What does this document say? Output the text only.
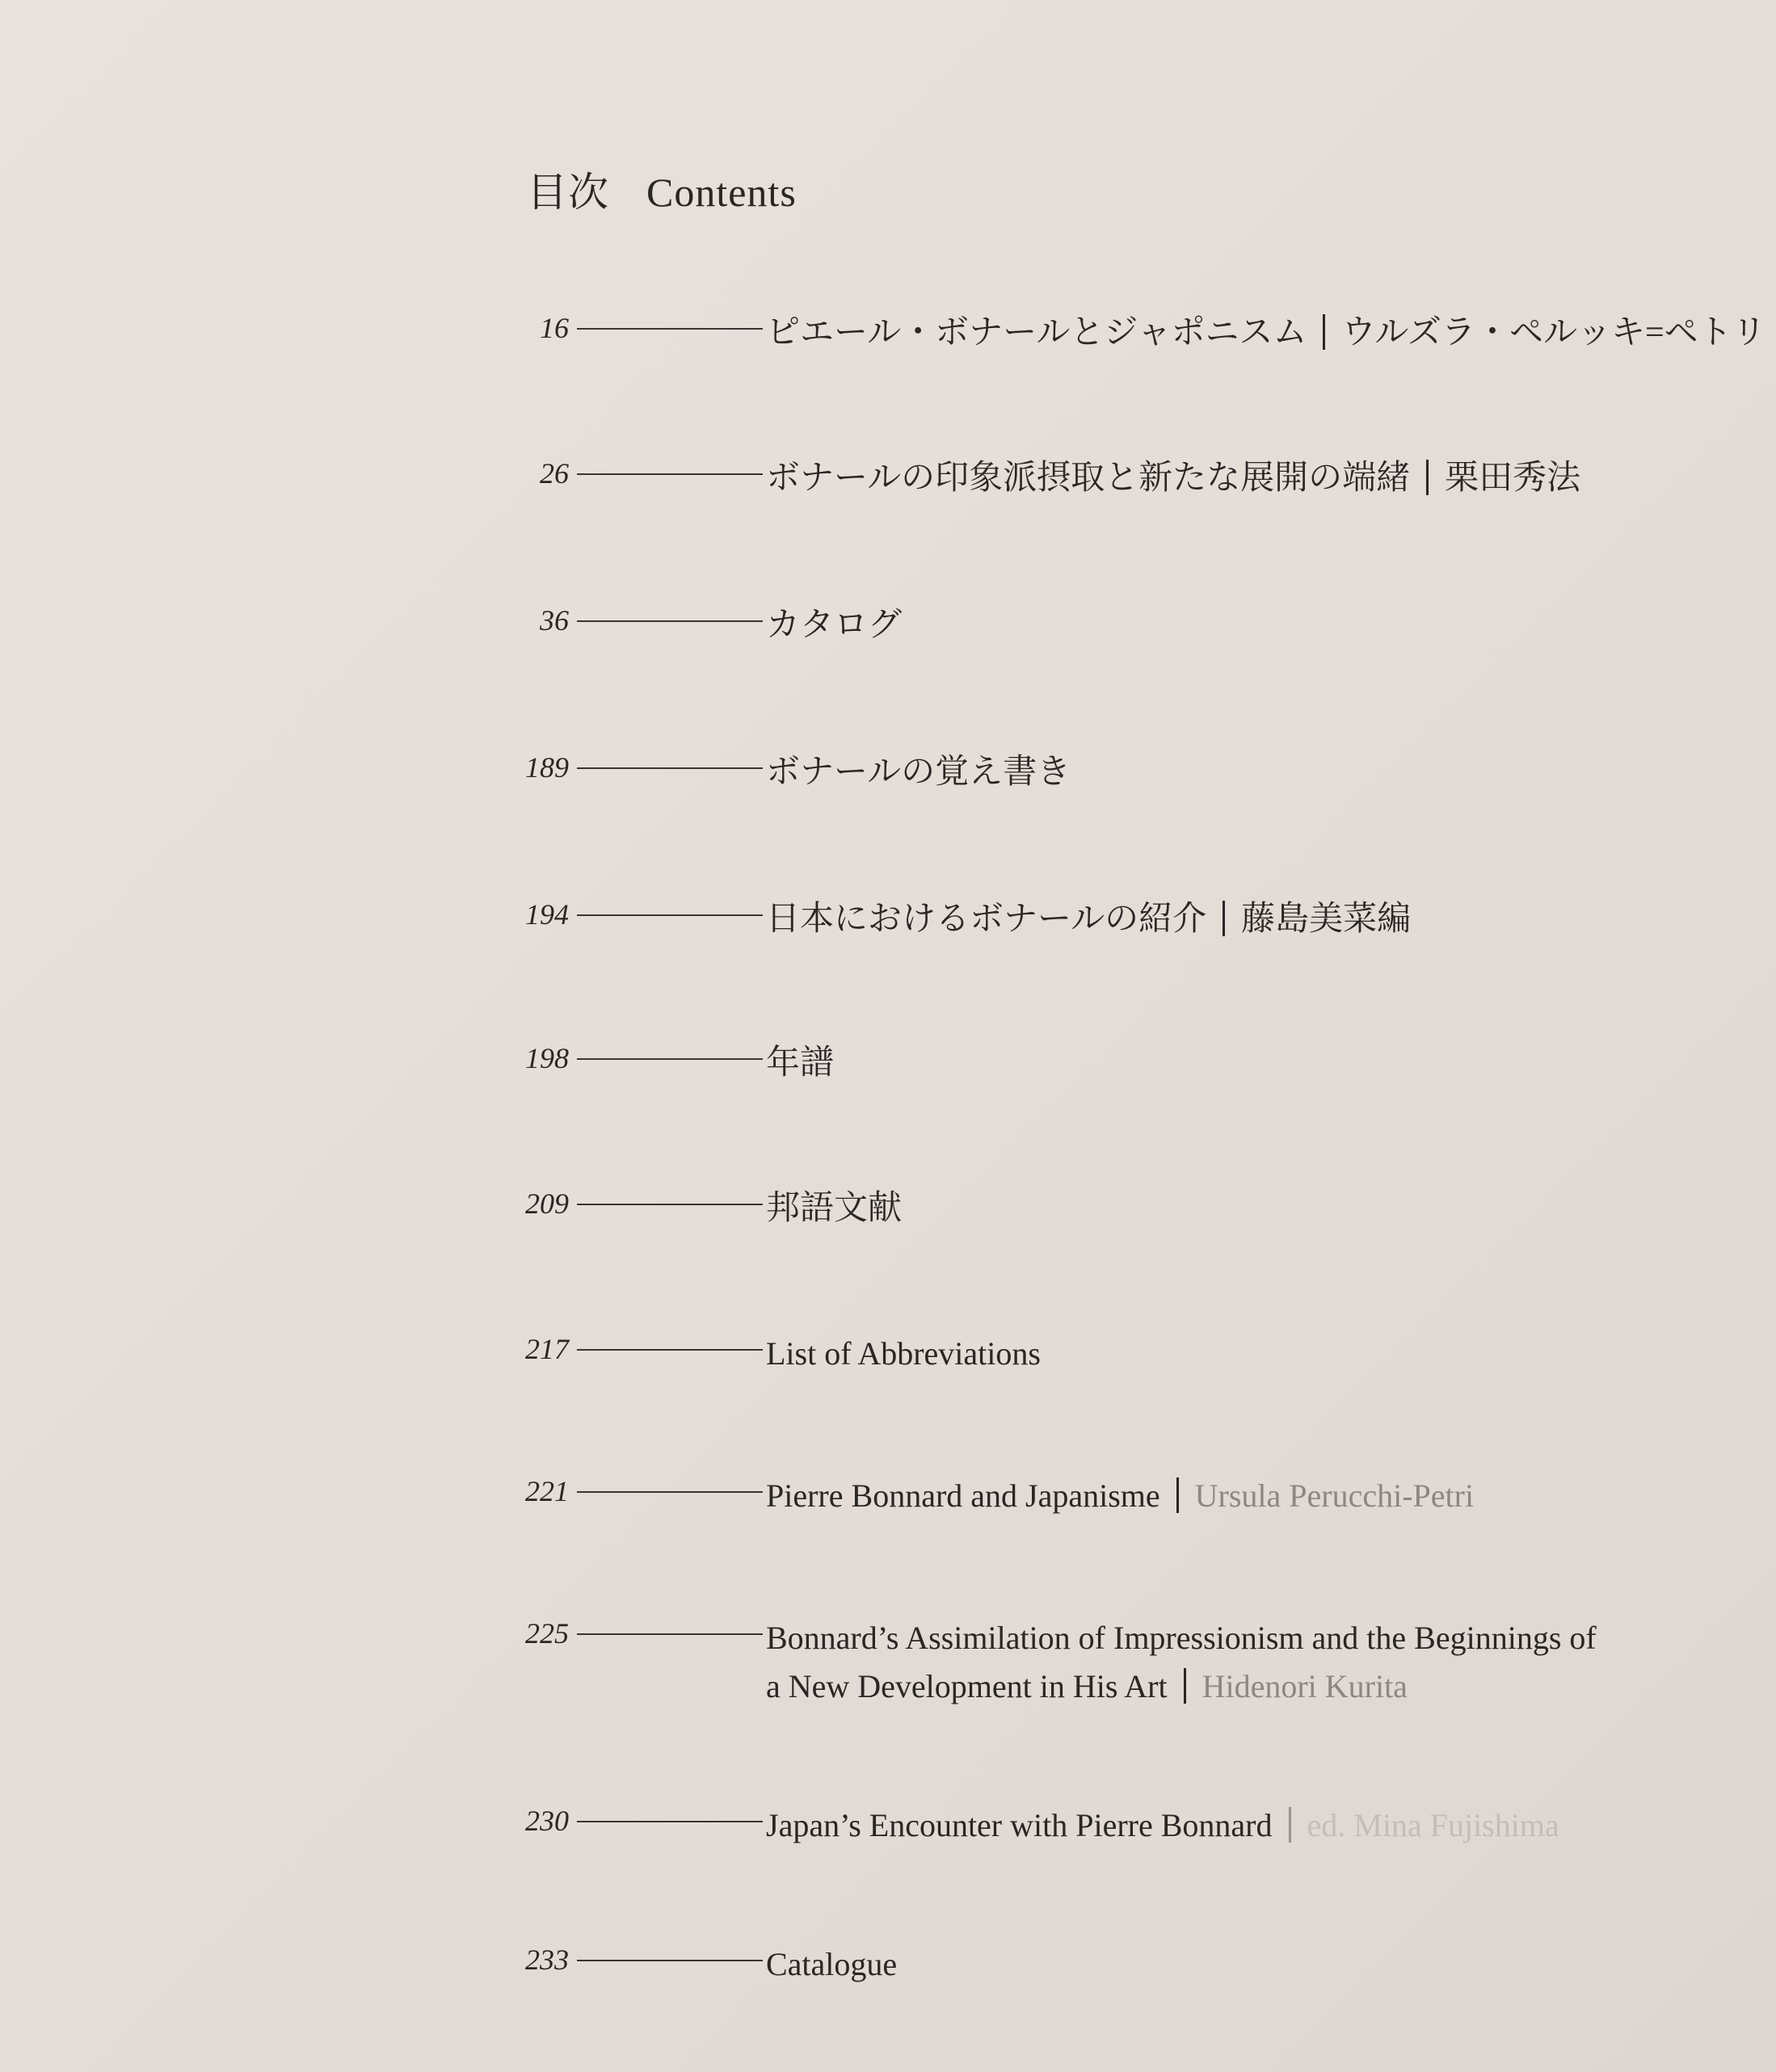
目次 Contents
16	ピエール・ボナールとジャポニスム ウルズラ・ペルッキ=ペトリ
26	ボナールの印象派摂取と新たな展開の端緒 栗田秀法
36	カタログ
189	ボナールの覚え書き
194	日本におけるボナールの紹介 藤島美菜編
198	年譜
209	邦語文献
217	List of Abbreviations
221	Pierre Bonnard and Japanisme Ursula Perucchi-Petri
225	Bonnard’s Assimilation of Impressionism and the Beginnings of
a New Development in His Art Hidenori Kurita
230	Japan’s Encounter with Pierre Bonnard ed. Mina Fujishima
233	Catalogue
